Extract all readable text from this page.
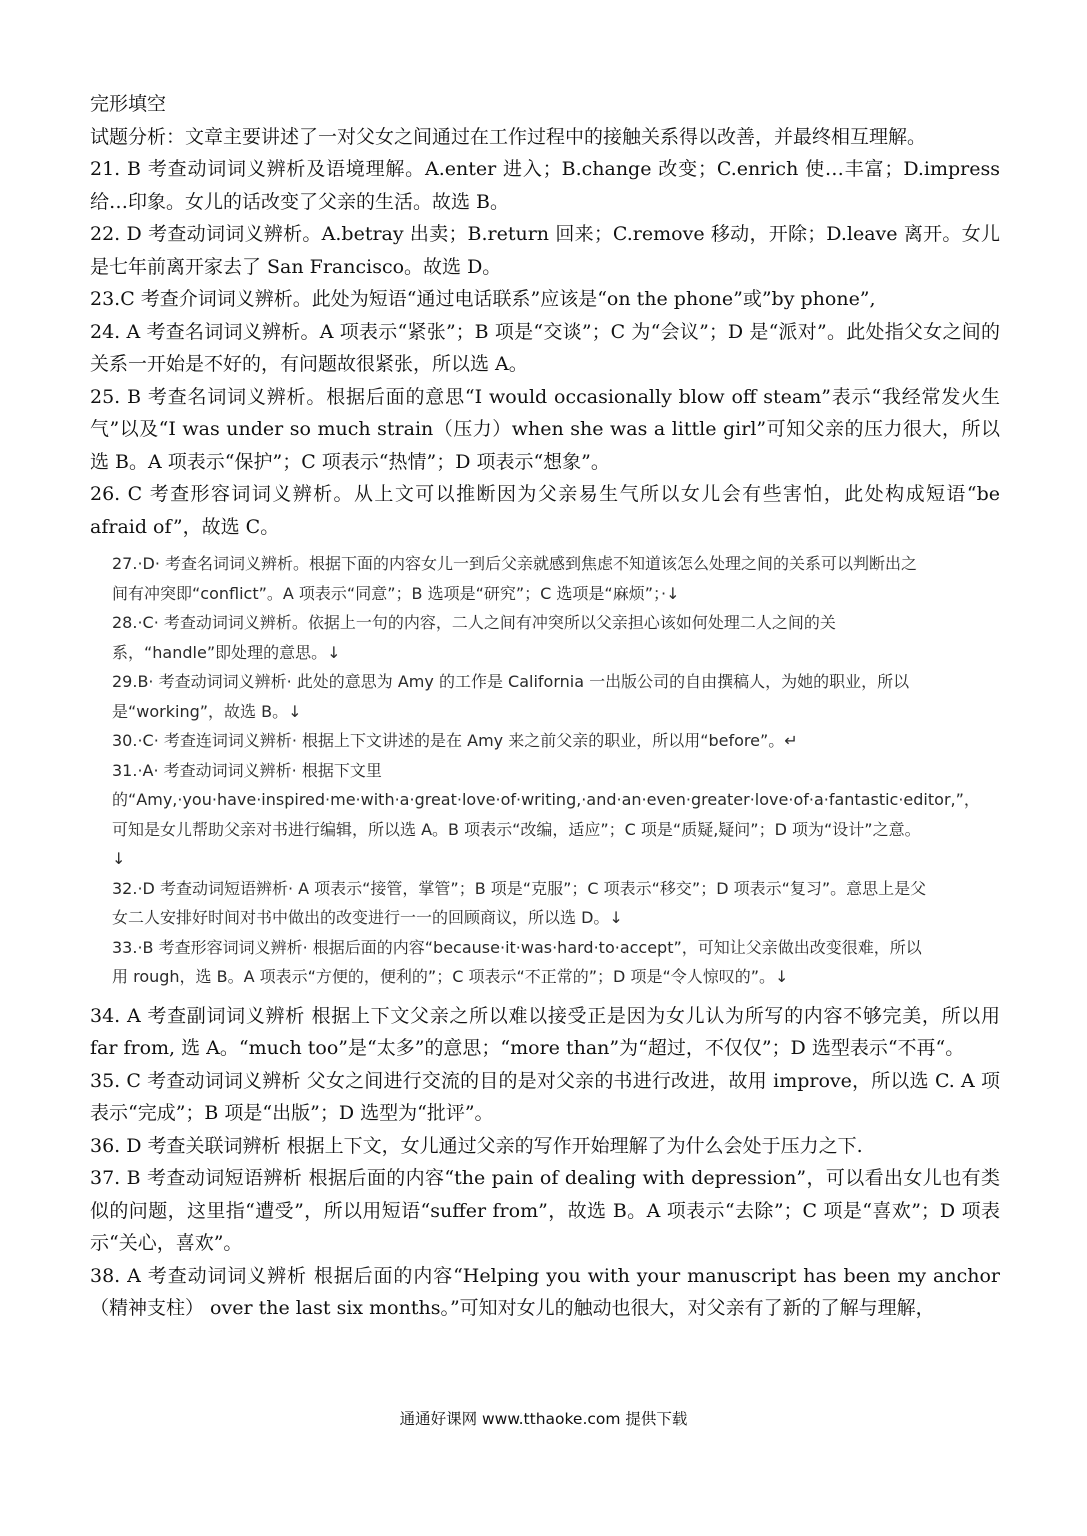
完形填空

试题分析：文章主要讲述了一对父女之间通过在工作过程中的接触关系得以改善，并最终相互理解。

21. B 考查动词词义辨析及语境理解。A.enter 进入；B.change 改变；C.enrich 使…丰富；D.impress 给…印象。女儿的话改变了父亲的生活。故选 B。

22. D 考查动词词义辨析。A.betray 出卖；B.return 回来；C.remove 移动，开除；D.leave 离开。女儿是七年前离开家去了 San Francisco。故选 D。

23.C 考查介词词义辨析。此处为短语“通过电话联系”应该是“on the phone”或”by phone”,

24. A 考查名词词义辨析。A 项表示“紧张”；B 项是“交谈”；C 为“会议”；D 是“派对”。此处指父女之间的关系一开始是不好的，有问题故很紧张，所以选 A。

25. B 考查名词词义辨析。根据后面的意思“I would occasionally blow off steam”表示“我经常发火生气”以及“I was under so much strain（压力）when she was a little girl”可知父亲的压力很大，所以选 B。A 项表示“保护”；C 项表示“热情”；D 项表示“想象”。

26. C 考查形容词词义辨析。从上文可以推断因为父亲易生气所以女儿会有些害怕，此处构成短语“be afraid of”，故选 C。

27.·D· 考查名词词义辨析。根据下面的内容女儿一到后父亲就感到焦虑不知道该怎么处理之间的关系可以判断出之间有冲突即“conflict”。A 项表示“同意”；B 选项是“研究”；C 选项是“麻烦”；·↓

28.·C· 考查动词词义辨析。依据上一句的内容，二人之间有冲突所以父亲担心该如何处理二人之间的关系，“handle”即处理的意思。↓

29.B· 考查动词词义辨析· 此处的意思为 Amy 的工作是 California 一出版公司的自由撰稿人，为她的职业，所以是“working”，故选 B。↓

30.·C· 考查连词词义辨析· 根据上下文讲述的是在 Amy 来之前父亲的职业，所以用“before”。↵

31.·A· 考查动词词义辨析· 根据下文里的“Amy,·you·have·inspired·me·with·a·great·love·of·writing,·and·an·even·greater·love·of·a·fantastic·editor,”，可知是女儿帮助父亲对书进行编辑，所以选 A。B 项表示“改编，适应”；C 项是“质疑,疑问”；D 项为“设计”之意。↓

32.·D 考查动词短语辨析· A 项表示“接管，掌管”；B 项是“克服”；C 项表示“移交”；D 项表示“复习”。意思上是父女二人安排好时间对书中做出的改变进行一一的回顾商议，所以选 D。↓

33.·B 考查形容词词义辨析· 根据后面的内容“because·it·was·hard·to·accept”，可知让父亲做出改变很难，所以用 rough，选 B。A 项表示“方便的，便利的”；C 项表示“不正常的”；D 项是“令人惊叹的”。↓

34. A 考查副词词义辨析 根据上下文父亲之所以难以接受正是因为女儿认为所写的内容不够完美，所以用 far from, 选 A。“much too”是“太多”的意思；“more than”为“超过，不仅仅”；D 选型表示“不再“。

35. C 考查动词词义辨析 父女之间进行交流的目的是对父亲的书进行改进，故用 improve，所以选 C. A 项表示“完成”；B 项是“出版”；D 选型为“批评”。

36. D 考查关联词辨析 根据上下文，女儿通过父亲的写作开始理解了为什么会处于压力之下.

37. B 考查动词短语辨析 根据后面的内容“the pain of dealing with depression”，可以看出女儿也有类似的问题，这里指“遭受”，所以用短语“suffer from”，故选 B。A 项表示“去除”；C 项是“喜欢”；D 项表示“关心，喜欢”。

38. A 考查动词词义辨析 根据后面的内容“Helping you with your manuscript has been my anchor（精神支柱） over the last six months。”可知对女儿的触动也很大，对父亲有了新的了解与理解，

通通好课网 www.tthaoke.com 提供下载
